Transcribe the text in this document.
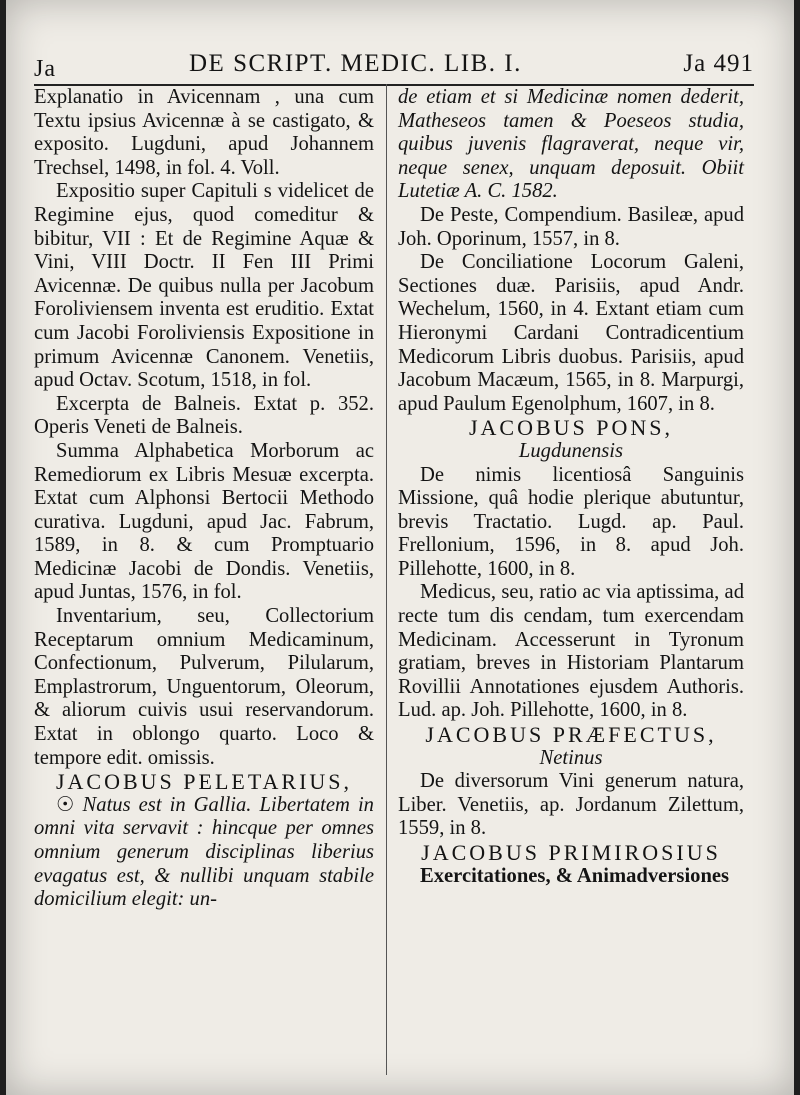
Ja	DE SCRIPT. MEDIC. LIB. I.	Ja 491

Explanatio in Avicennam , una cum Textu ipsius Avicennæ à se castigato, & exposito. Lugduni, apud Johannem Trechsel, 1498, in fol. 4. Voll.

Expositio super Capituli s videlicet de Regimine ejus, quod comeditur & bibitur, VII : Et de Regimine Aquæ & Vini, VIII Doctr. II Fen III Primi Avicennæ. De quibus nulla per Jacobum Foroliviensem inventa est eruditio. Extat cum Jacobi Foroliviensis Expositione in primum Avicennæ Canonem. Venetiis, apud Octav. Scotum, 1518, in fol.

Excerpta de Balneis. Extat p. 352. Operis Veneti de Balneis.

Summa Alphabetica Morborum ac Remediorum ex Libris Mesuæ excerpta. Extat cum Alphonsi Bertocii Methodo curativa. Lugduni, apud Jac. Fabrum, 1589, in 8. & cum Promptuario Medicinæ Jacobi de Dondis. Venetiis, apud Juntas, 1576, in fol.

Inventarium, seu, Collectorium Receptarum omnium Medicaminum, Confectionum, Pulverum, Pilularum, Emplastrorum, Unguentorum, Oleorum, & aliorum cuivis usui reservandorum. Extat in oblongo quarto. Loco & tempore edit. omissis.

JACOBUS PELETARIUS,

☉ Natus est in Gallia. Libertatem in omni vita servavit : hincque per omnes omnium generum disciplinas liberius evagatus est, & nullibi unquam stabile domicilium elegit: un-

de etiam et si Medicinæ nomen dederit, Matheseos tamen & Poeseos studia, quibus juvenis flagraverat, neque vir, neque senex, unquam deposuit. Obiit Lutetiæ A. C. 1582.

De Peste, Compendium. Basileæ, apud Joh. Oporinum, 1557, in 8.

De Conciliatione Locorum Galeni, Sectiones duæ. Parisiis, apud Andr. Wechelum, 1560, in 4. Extant etiam cum Hieronymi Cardani Contradicentium Medicorum Libris duobus. Parisiis, apud Jacobum Macæum, 1565, in 8. Marpurgi, apud Paulum Egenolphum, 1607, in 8.

JACOBUS PONS,

Lugdunensis

De nimis licentiosâ Sanguinis Missione, quâ hodie plerique abutuntur, brevis Tractatio. Lugd. ap. Paul. Frellonium, 1596, in 8. apud Joh. Pillehotte, 1600, in 8.

Medicus, seu, ratio ac via aptissima, ad recte tum dis cendam, tum exercendam Medicinam. Accesserunt in Tyronum gratiam, breves in Historiam Plantarum Rovillii Annotationes ejusdem Authoris. Lud. ap. Joh. Pillehotte, 1600, in 8.

JACOBUS PRÆFECTUS,

Netinus

De diversorum Vini generum natura, Liber. Venetiis, ap. Jordanum Zilettum, 1559, in 8.

JACOBUS PRIMIROSIUS

Exercitationes, & Animadversiones
